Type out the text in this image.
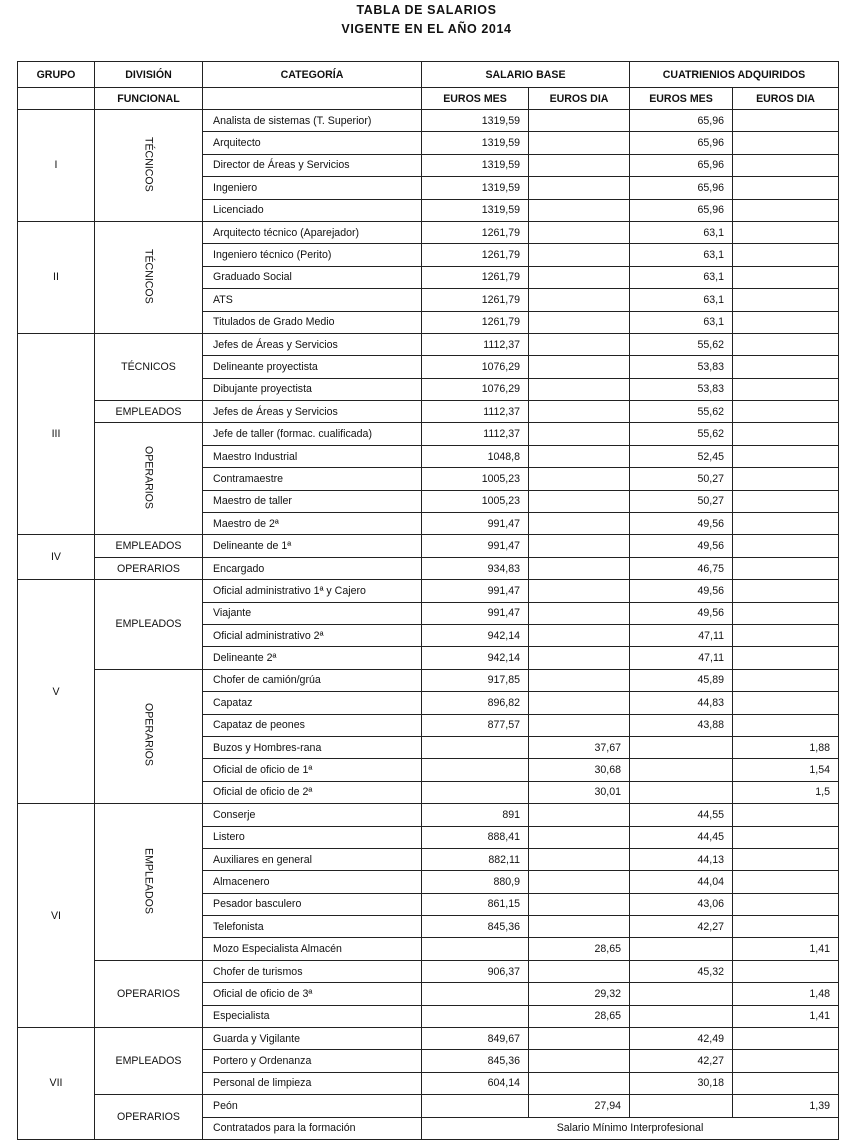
TABLA DE SALARIOS
VIGENTE EN EL AÑO 2014
GRUPO	DIVISIÓN	CATEGORÍA	SALARIO BASE		CUATRIENIOS ADQUIRIDOS	
	FUNCIONAL		EUROS MES	EUROS DIA	EUROS MES	EUROS DIA
I	TÉCNICOS	Analista de sistemas (T. Superior)	1319,59		65,96	
		Arquitecto	1319,59		65,96	
		Director de Áreas y Servicios	1319,59		65,96	
		Ingeniero	1319,59		65,96	
		Licenciado	1319,59		65,96	
II	TÉCNICOS	Arquitecto técnico (Aparejador)	1261,79		63,1	
		Ingeniero técnico (Perito)	1261,79		63,1	
		Graduado Social	1261,79		63,1	
		ATS	1261,79		63,1	
		Titulados de Grado Medio	1261,79		63,1	
III	TÉCNICOS	Jefes de Áreas y Servicios	1112,37		55,62	
		Delineante proyectista	1076,29		53,83	
		Dibujante proyectista	1076,29		53,83	
	EMPLEADOS	Jefes de Áreas y Servicios	1112,37		55,62	
	OPERARIOS	Jefe de taller (formac. cualificada)	1112,37		55,62	
		Maestro Industrial	1048,8		52,45	
		Contramaestre	1005,23		50,27	
		Maestro de taller	1005,23		50,27	
		Maestro de 2ª	991,47		49,56	
IV	EMPLEADOS	Delineante de 1ª	991,47		49,56	
	OPERARIOS	Encargado	934,83		46,75	
V	EMPLEADOS	Oficial administrativo 1ª y Cajero	991,47		49,56	
		Viajante	991,47		49,56	
		Oficial administrativo 2ª	942,14		47,11	
		Delineante 2ª	942,14		47,11	
	OPERARIOS	Chofer de camión/grúa	917,85		45,89	
		Capataz	896,82		44,83	
		Capataz de peones	877,57		43,88	
		Buzos y Hombres-rana		37,67		1,88
		Oficial de oficio de 1ª		30,68		1,54
		Oficial de oficio de 2ª		30,01		1,5
VI	EMPLEADOS	Conserje	891		44,55	
		Listero	888,41		44,45	
		Auxiliares en general	882,11		44,13	
		Almacenero	880,9		44,04	
		Pesador basculero	861,15		43,06	
		Telefonista	845,36		42,27	
		Mozo Especialista Almacén		28,65		1,41
	OPERARIOS	Chofer de turismos	906,37		45,32	
		Oficial de oficio de 3ª		29,32		1,48
		Especialista		28,65		1,41
VII	EMPLEADOS	Guarda y Vigilante	849,67		42,49	
		Portero y Ordenanza	845,36		42,27	
		Personal de limpieza	604,14		30,18	
	OPERARIOS	Peón		27,94		1,39
		Contratados para la formación	Salario Mínimo Interprofesional			
